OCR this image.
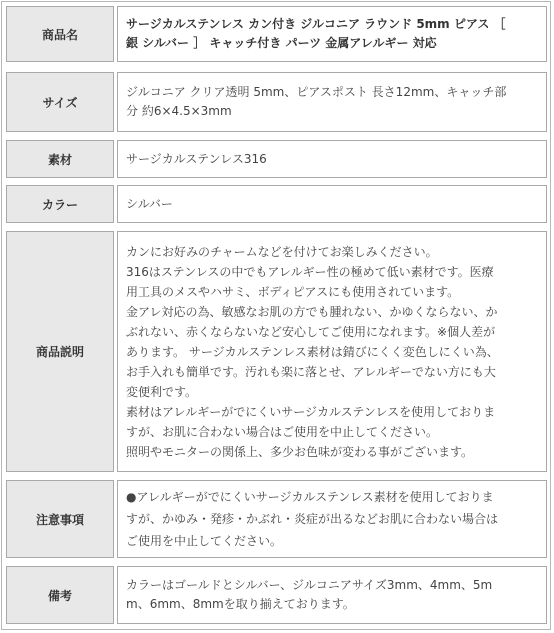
商品名

サージカルステンレス カン付き ジルコニア ラウンド 5mm ピアス ［

銀 シルバー ］ キャッチ付き パーツ 金属アレルギー 対応

サイズ

ジルコニア クリア透明 5mm、ピアスポスト 長さ12mm、キャッチ部

分 約6×4.5×3mm

素材	サージカルステンレス316

カラー	シルバー

商品説明

カンにお好みのチャームなどを付けてお楽しみください。

316はステンレスの中でもアレルギー性の極めて低い素材です。医療

用工具のメスやハサミ、ボディピアスにも使用されています。

金アレ対応の為、敏感なお肌の方でも腫れない、かゆくならない、か

ぶれない、赤くならないなど安心してご使用になれます。※個人差が

あります。 サージカルステンレス素材は錆びにくく変色しにくい為、

お手入れも簡単です。汚れも楽に落とせ、アレルギーでない方にも大

変便利です。

素材はアレルギーがでにくいサージカルステンレスを使用しておりま

すが、お肌に合わない場合はご使用を中止してください。

照明やモニターの関係上、多少お色味が変わる事がございます。

注意事項

●アレルギーがでにくいサージカルステンレス素材を使用しておりま

すが、かゆみ・発疹・かぶれ・炎症が出るなどお肌に合わない場合は

ご使用を中止してください。

備考

カラーはゴールドとシルバー、ジルコニアサイズ3mm、4mm、5m

m、6mm、8mmを取り揃えております。
